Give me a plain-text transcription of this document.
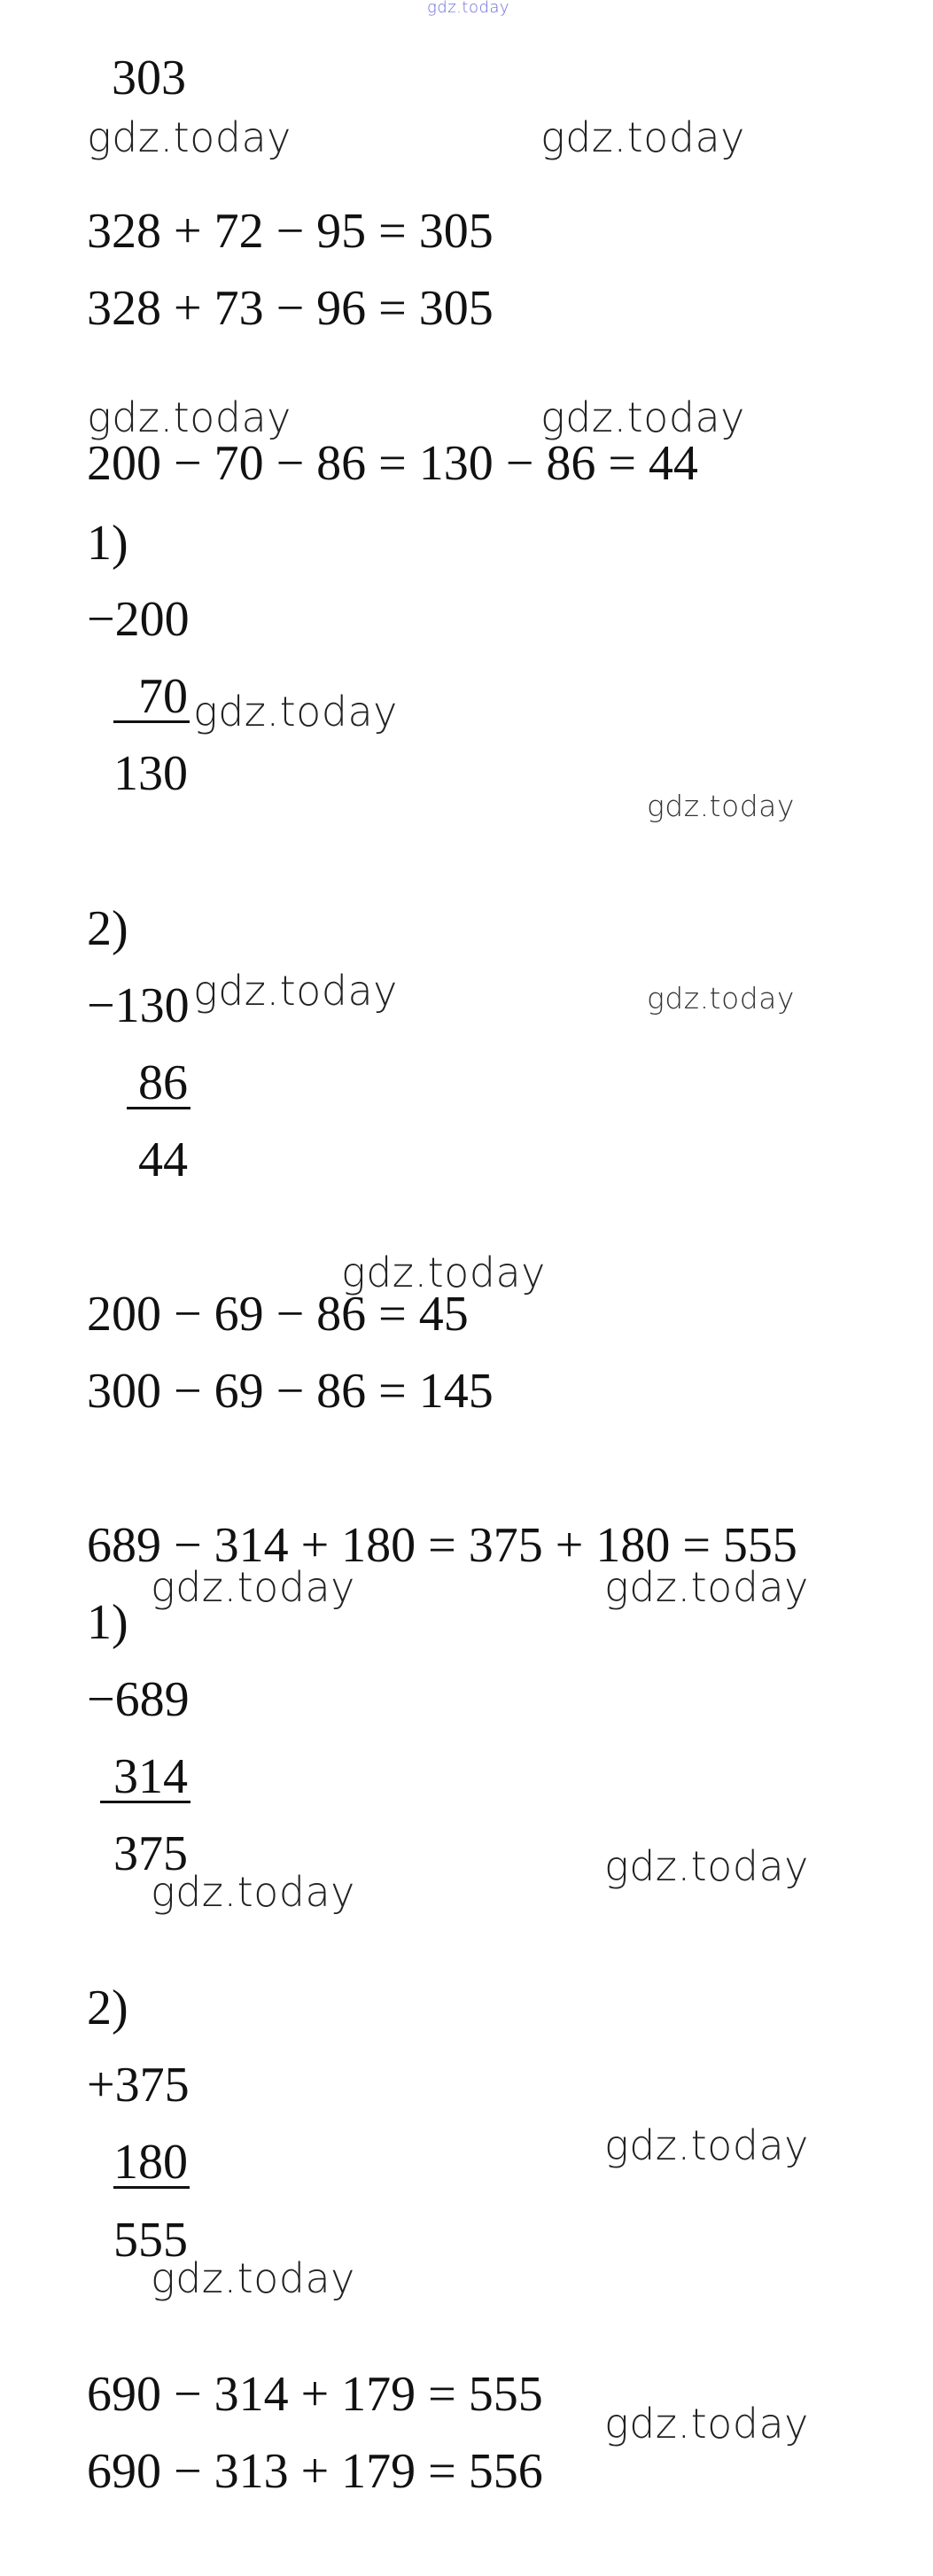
gdz.today
303
gdz.today	gdz.today
328 + 72 − 95 = 305
328 + 73 − 96 = 305
gdz.today	gdz.today
200 − 70 − 86 = 130 − 86 = 44
1)
−200
70 gdz.today
130
gdz.today
2)
−130 gdz.today	gdz.today
86
44
gdz.today
200 − 69 − 86 = 45
300 − 69 − 86 = 145
689 − 314 + 180 = 375 + 180 = 555
gdz.today	gdz.today
1)
−689
314
375	gdz.today
gdz.today
2)
+375
180	gdz.today
555
gdz.today
690 − 314 + 179 = 555
gdz.today
690 − 313 + 179 = 556
